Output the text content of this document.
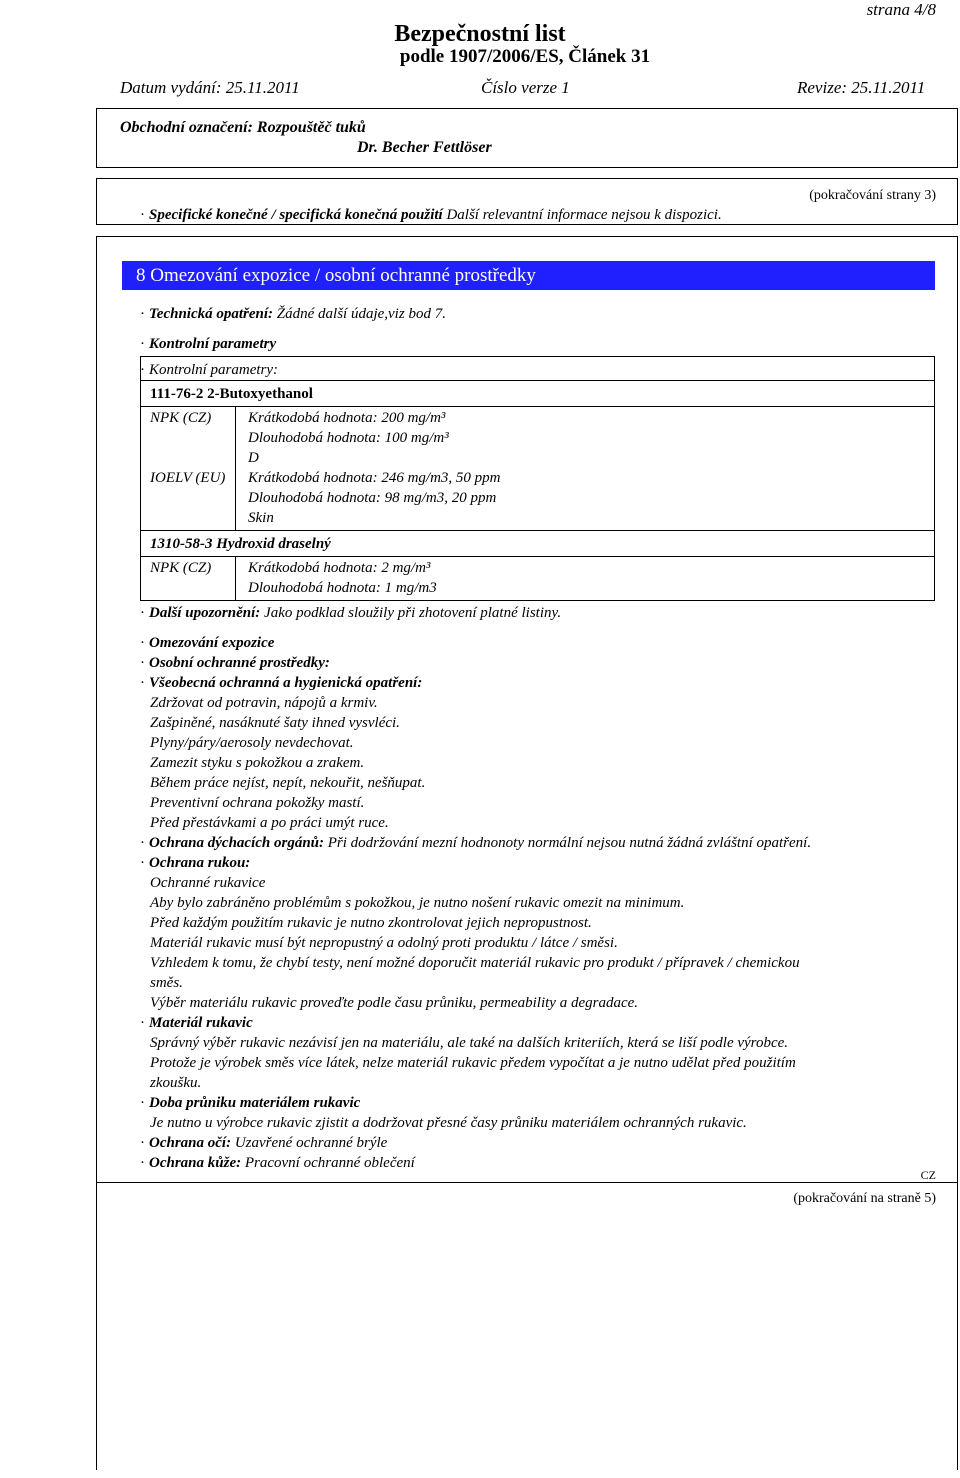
strana 4/8
Bezpečnostní list
podle 1907/2006/ES, Článek 31
Datum vydání: 25.11.2011	Číslo verze 1	Revize: 25.11.2011
Obchodní označení: Rozpouštěč tuků
Dr. Becher Fettlöser
(pokračování strany 3)
· Specifické konečné / specifická konečná použití Další relevantní informace nejsou k dispozici.
8 Omezování expozice / osobní ochranné prostředky
· Technická opatření: Žádné další údaje,viz bod 7.
· Kontrolní parametry
· Kontrolní parametry:
111-76-2 2-Butoxyethanol
NPK (CZ) Krátkodobá hodnota: 200 mg/m³
Dlouhodobá hodnota: 100 mg/m³
D
IOELV (EU) Krátkodobá hodnota: 246 mg/m3, 50 ppm
Dlouhodobá hodnota: 98 mg/m3, 20 ppm
Skin
1310-58-3 Hydroxid draselný
NPK (CZ) Krátkodobá hodnota: 2 mg/m³
Dlouhodobá hodnota: 1 mg/m3
· Další upozornění: Jako podklad sloužily při zhotovení platné listiny.
· Omezování expozice
· Osobní ochranné prostředky:
· Všeobecná ochranná a hygienická opatření:
Zdržovat od potravin, nápojů a krmiv.
Zašpiněné, nasáknuté šaty ihned vysvléci.
Plyny/páry/aerosoly nevdechovat.
Zamezit styku s pokožkou a zrakem.
Během práce nejíst, nepít, nekouřit, nešňupat.
Preventivní ochrana pokožky mastí.
Před přestávkami a po práci umýt ruce.
· Ochrana dýchacích orgánů: Při dodržování mezní hodnonoty normální nejsou nutná žádná zvláštní opatření.
· Ochrana rukou:
Ochranné rukavice
Aby bylo zabráněno problémům s pokožkou, je nutno nošení rukavic omezit na minimum.
Před každým použitím rukavic je nutno zkontrolovat jejich nepropustnost.
Materiál rukavic musí být nepropustný a odolný proti produktu / látce / směsi.
Vzhledem k tomu, že chybí testy, není možné doporučit materiál rukavic pro produkt / přípravek / chemickou
směs.
Výběr materiálu rukavic proveďte podle času průniku, permeability a degradace.
· Materiál rukavic
Správný výběr rukavic nezávisí jen na materiálu, ale také na dalších kriteriích, která se liší podle výrobce.
Protože je výrobek směs více látek, nelze materiál rukavic předem vypočítat a je nutno udělat před použitím
zkoušku.
· Doba průniku materiálem rukavic
Je nutno u výrobce rukavic zjistit a dodržovat přesné časy průniku materiálem ochranných rukavic.
· Ochrana očí: Uzavřené ochranné brýle
· Ochrana kůže: Pracovní ochranné oblečení
CZ
(pokračování na straně 5)
